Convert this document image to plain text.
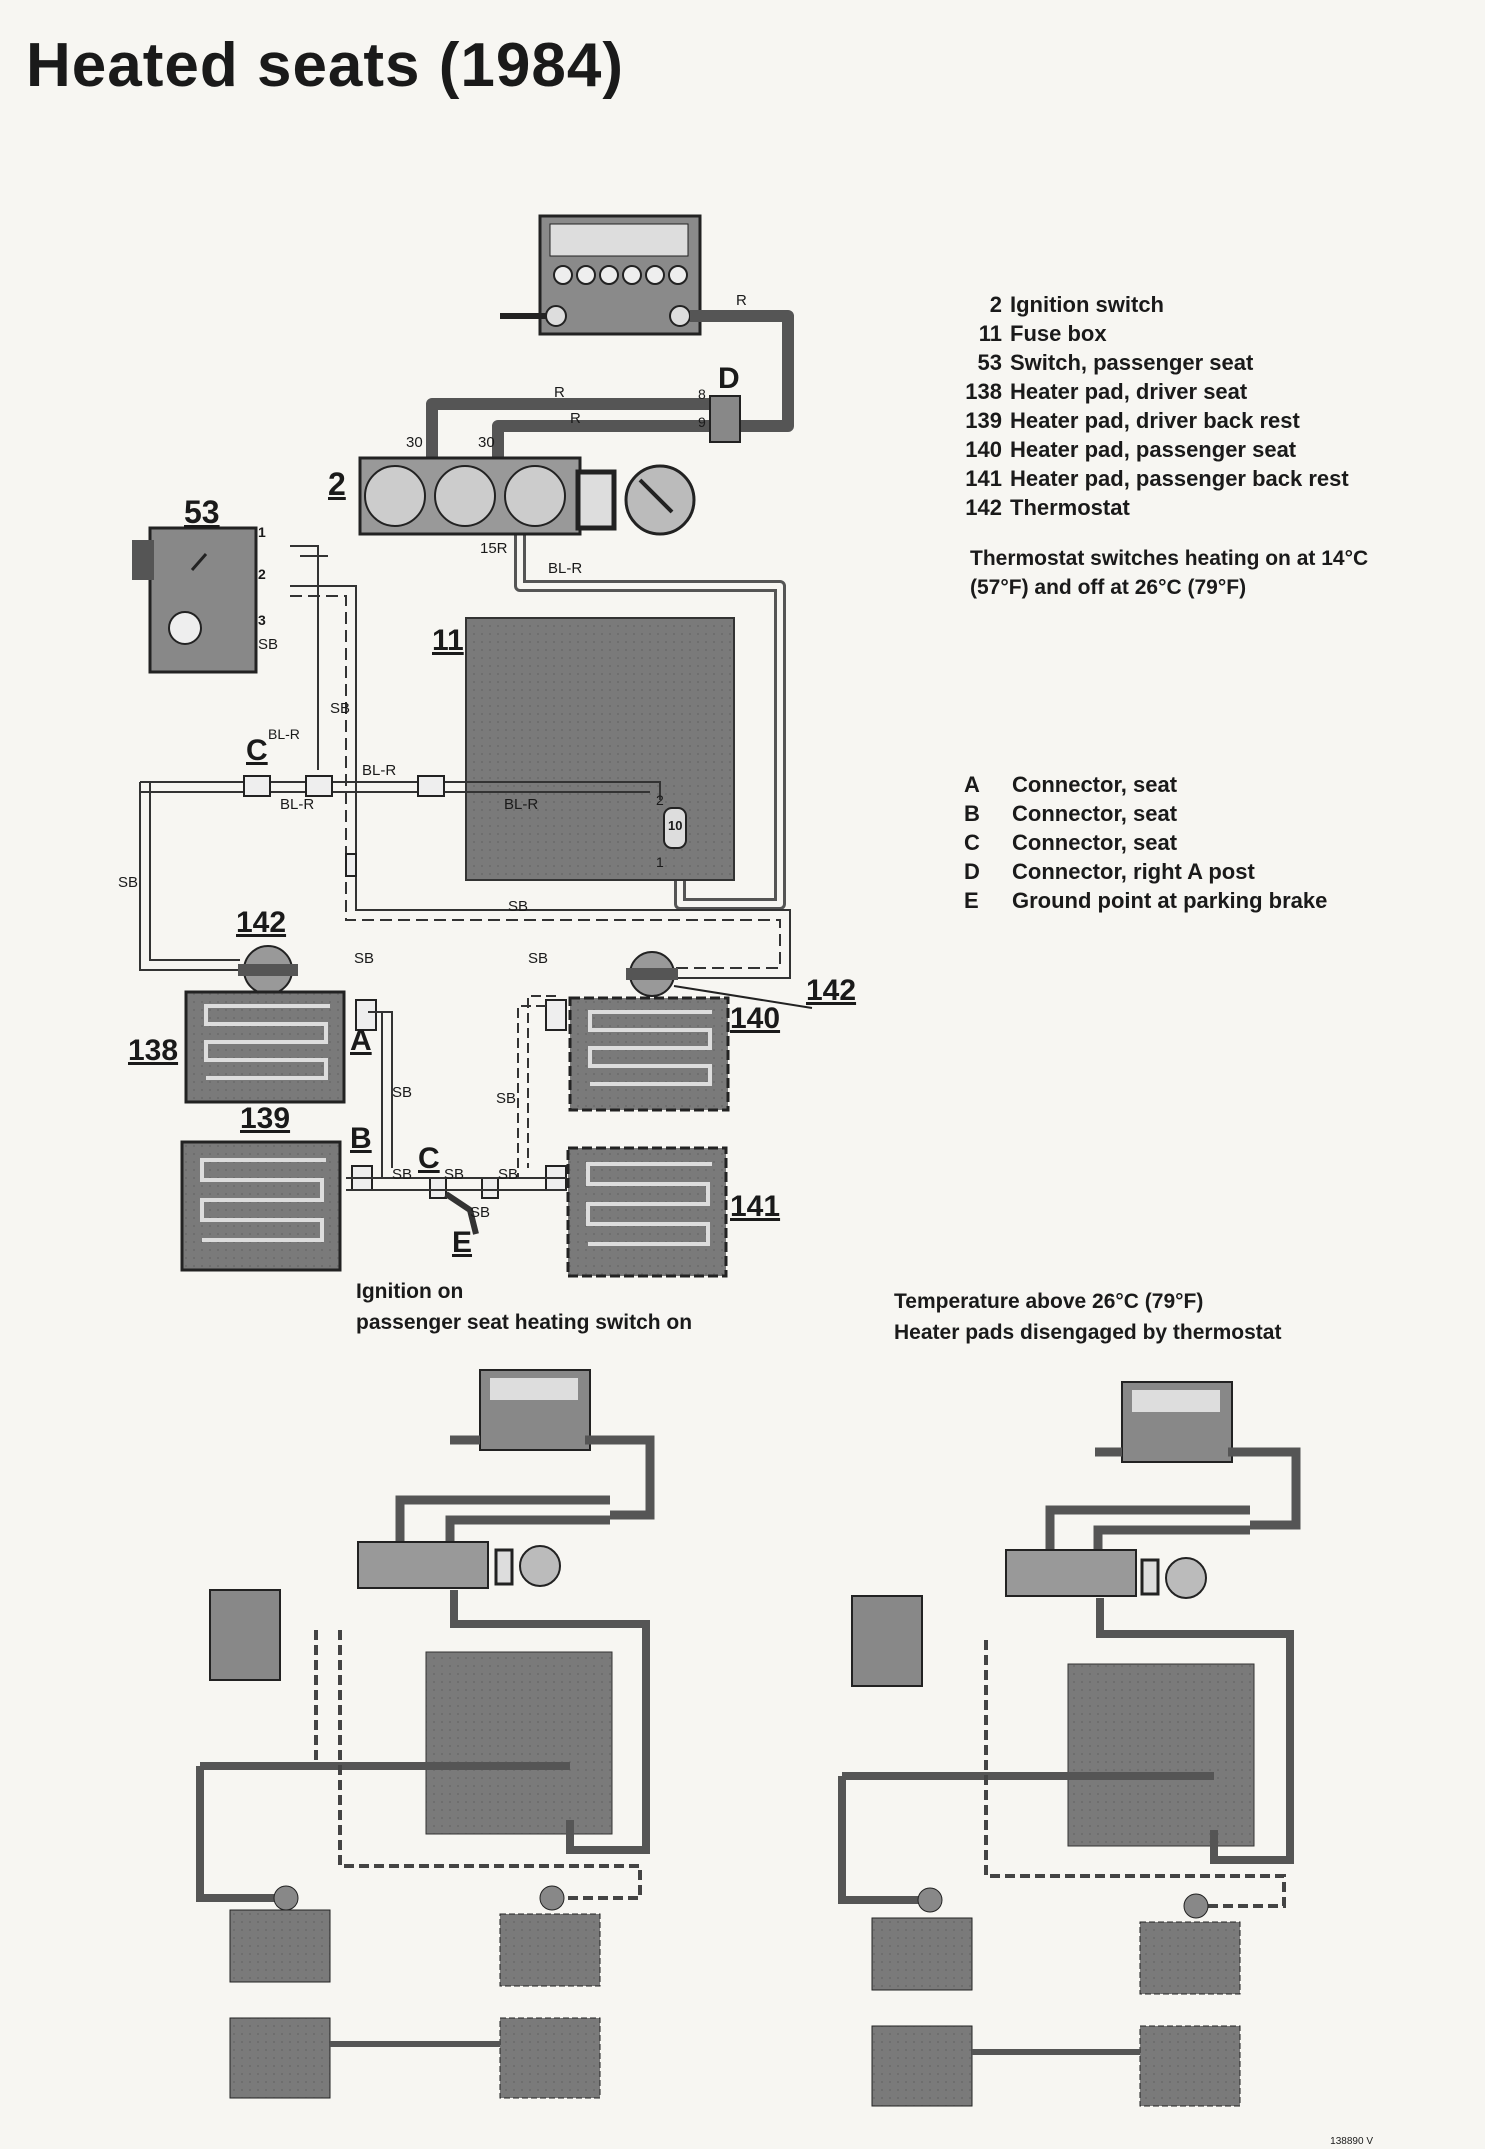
Heated seats (1984)
2
11
53
138
139
140
141
142
142
A
B
C
C
D
E
R
R
R
30	30
15R
8
9
BL-R
BL-R
BL-R
BL-R
BL-R
SB
SB
SB
SB
SB	SB
SB	SB
SB SB SB
SB
1
2
3
2
1
10
2 Ignition switch
11 Fuse box
53 Switch, passenger seat
138 Heater pad, driver seat
139 Heater pad, driver back rest
140 Heater pad, passenger seat
141 Heater pad, passenger back rest
142 Thermostat
Thermostat switches heating on at 14°C
(57°F) and off at 26°C (79°F)
A Connector, seat
B Connector, seat
C Connector, seat
D Connector, right A post
E Ground point at parking brake
Ignition on
passenger seat heating switch on
Temperature above 26°C (79°F)
Heater pads disengaged by thermostat
138890 V
